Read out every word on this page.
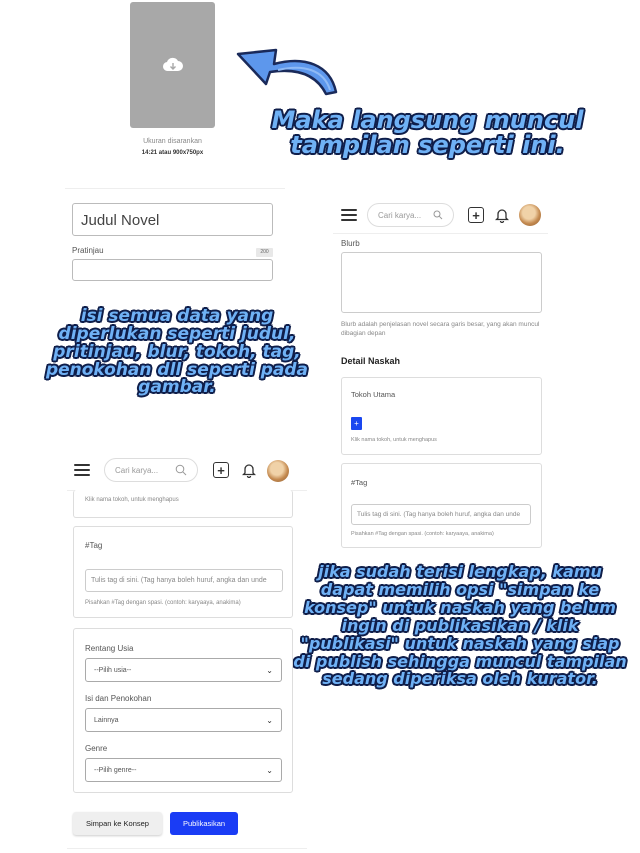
Ukuran disarankan
14:21 atau 900x750px
Maka langsung muncul tampilan seperti ini.
isi semua data yang diperlukan seperti judul, pritinjau, blur, tokoh, tag, penokohan dll seperti pada gambar.
jika sudah terisi lengkap, kamu dapat memilih opsi "simpan ke konsep" untuk naskah yang belum ingin di publikasikan / klik "publikasi" untuk naskah yang siap di publish sehingga muncul tampilan sedang diperiksa oleh kurator.
Judul Novel
Pratinjau	200
Cari karya...	+
Blurb
Blurb adalah penjelasan novel secara garis besar, yang akan muncul dibagian depan
Detail Naskah
Tokoh Utama
+
Klik nama tokoh, untuk menghapus
#Tag
Tulis tag di sini. (Tag hanya boleh huruf, angka dan unde
Pisahkan #Tag dengan spasi. (contoh: karyaaya, anakima)
Cari karya...	+
Klik nama tokoh, untuk menghapus
#Tag
Tulis tag di sini. (Tag hanya boleh huruf, angka dan unde
Pisahkan #Tag dengan spasi. (contoh: karyaaya, anakima)
Rentang Usia
--Pilih usia--	⌄
Isi dan Penokohan
Lainnya	⌄
Genre
--Pilih genre--	⌄
Simpan ke Konsep	Publikasikan
